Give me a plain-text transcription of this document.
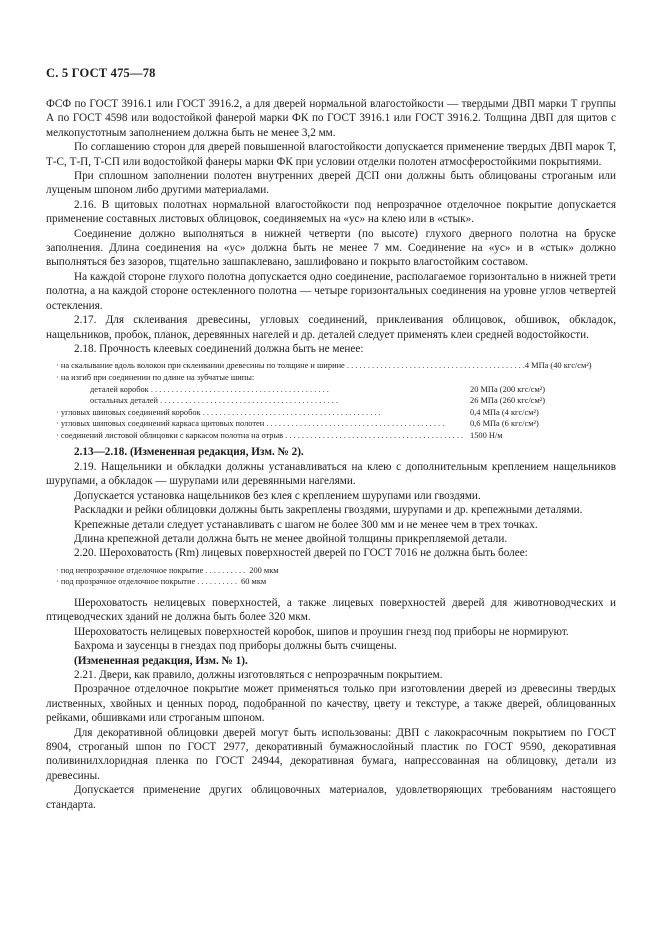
С. 5 ГОСТ 475—78

ФСФ по ГОСТ 3916.1 или ГОСТ 3916.2, а для дверей нормальной влагостойкости — твердыми ДВП марки Т группы А по ГОСТ 4598 или водостойкой фанерой марки ФК по ГОСТ 3916.1 или ГОСТ 3916.2. Толщина ДВП для щитов с мелкопустотным заполнением должна быть не менее 3,2 мм.

По соглашению сторон для дверей повышенной влагостойкости допускается применение твердых ДВП марок Т, Т-С, Т-П, Т-СП или водостойкой фанеры марки ФК при условии отделки полотен атмосферостойкими покрытиями.

При сплошном заполнении полотен внутренних дверей ДСП они должны быть облицованы строганым или лущеным шпоном либо другими материалами.

2.16. В щитовых полотнах нормальной влагостойкости под непрозрачное отделочное покрытие допускается применение составных листовых облицовок, соединяемых на «ус» на клею или в «стык».

Соединение должно выполняться в нижней четверти (по высоте) глухого дверного полотна на бруске заполнения. Длина соединения на «ус» должна быть не менее 7 мм. Соединение на «ус» и в «стык» должно выполняться без зазоров, тщательно зашпаклевано, зашлифовано и покрыто влагостойким составом.

На каждой стороне глухого полотна допускается одно соединение, располагаемое горизонтально в нижней трети полотна, а на каждой стороне остекленного полотна — четыре горизонтальных соединения на уровне углов четвертей остекления.

2.17. Для склеивания древесины, угловых соединений, приклеивания облицовок, обшивок, обкладок, нащельников, пробок, планок, деревянных нагелей и др. деталей следует применять клеи средней водостойкости.

2.18. Прочность клеевых соединений должна быть не менее:

· на скалывание вдоль волокон при склеивании древесины по толщине и ширине . . . . . . . . . . . . . . . . . . . . . . . . . . . . . . . . . . . . . . . . . . . 4 МПа (40 кгс/см²)
· на изгиб при соединении по длине на зубчатые шипы:
деталей коробок . . . . . . . . . . . . . . . . . . . . . . . . . . . . . . . . . . . . . . . . . . .	20 МПа (200 кгс/см²)
остальных деталей . . . . . . . . . . . . . . . . . . . . . . . . . . . . . . . . . . . . . . . . . . .	26 МПа (260 кгс/см²)
· угловых шиповых соединений коробок . . . . . . . . . . . . . . . . . . . . . . . . . . . . . . . . . . . . . . . . . . .	0,4 МПа (4 кгс/см²)
· угловых шиповых соединений каркаса щитовых полотен . . . . . . . . . . . . . . . . . . . . . . . . . . . . . . . . . . . . . . . . . . .	0,6 МПа (6 кгс/см²)
· соединений листовой облицовки с каркасом полотна на отрыв . . . . . . . . . . . . . . . . . . . . . . . . . . . . . . . . . . . . . . . . . . . 1500 Н/м

2.13—2.18. (Измененная редакция, Изм. № 2).

2.19. Нащельники и обкладки должны устанавливаться на клею с дополнительным креплением нащельников шурупами, а обкладок — шурупами или деревянными нагелями.

Допускается установка нащельников без клея с креплением шурупами или гвоздями.

Раскладки и рейки облицовки должны быть закреплены гвоздями, шурупами и др. крепежными деталями.

Крепежные детали следует устанавливать с шагом не более 300 мм и не менее чем в трех точках.

Длина крепежной детали должна быть не менее двойной толщины прикрепляемой детали.

2.20. Шероховатость (Rm) лицевых поверхностей дверей по ГОСТ 7016 не должна быть более:

· под непрозрачное отделочное покрытие . . . . . . . . . . 200 мкм
· под прозрачное отделочное покрытие . . . . . . . . . . 60 мкм

Шероховатость нелицевых поверхностей, а также лицевых поверхностей дверей для животноводческих и птицеводческих зданий не должна быть более 320 мкм.

Шероховатость нелицевых поверхностей коробок, шипов и проушин гнезд под приборы не нормируют.

Бахрома и заусенцы в гнездах под приборы должны быть счищены.

(Измененная редакция, Изм. № 1).

2.21. Двери, как правило, должны изготовляться с непрозрачным покрытием.

Прозрачное отделочное покрытие может применяться только при изготовлении дверей из древесины твердых лиственных, хвойных и ценных пород, подобранной по качеству, цвету и текстуре, а также дверей, облицованных рейками, обшивками или строганым шпоном.

Для декоративной облицовки дверей могут быть использованы: ДВП с лакокрасочным покрытием по ГОСТ 8904, строганый шпон по ГОСТ 2977, декоративный бумажнослойный пластик по ГОСТ 9590, декоративная поливинилхлоридная пленка по ГОСТ 24944, декоративная бумага, напрессованная на облицовку, детали из древесины.

Допускается применение других облицовочных материалов, удовлетворяющих требованиям настоящего стандарта.
